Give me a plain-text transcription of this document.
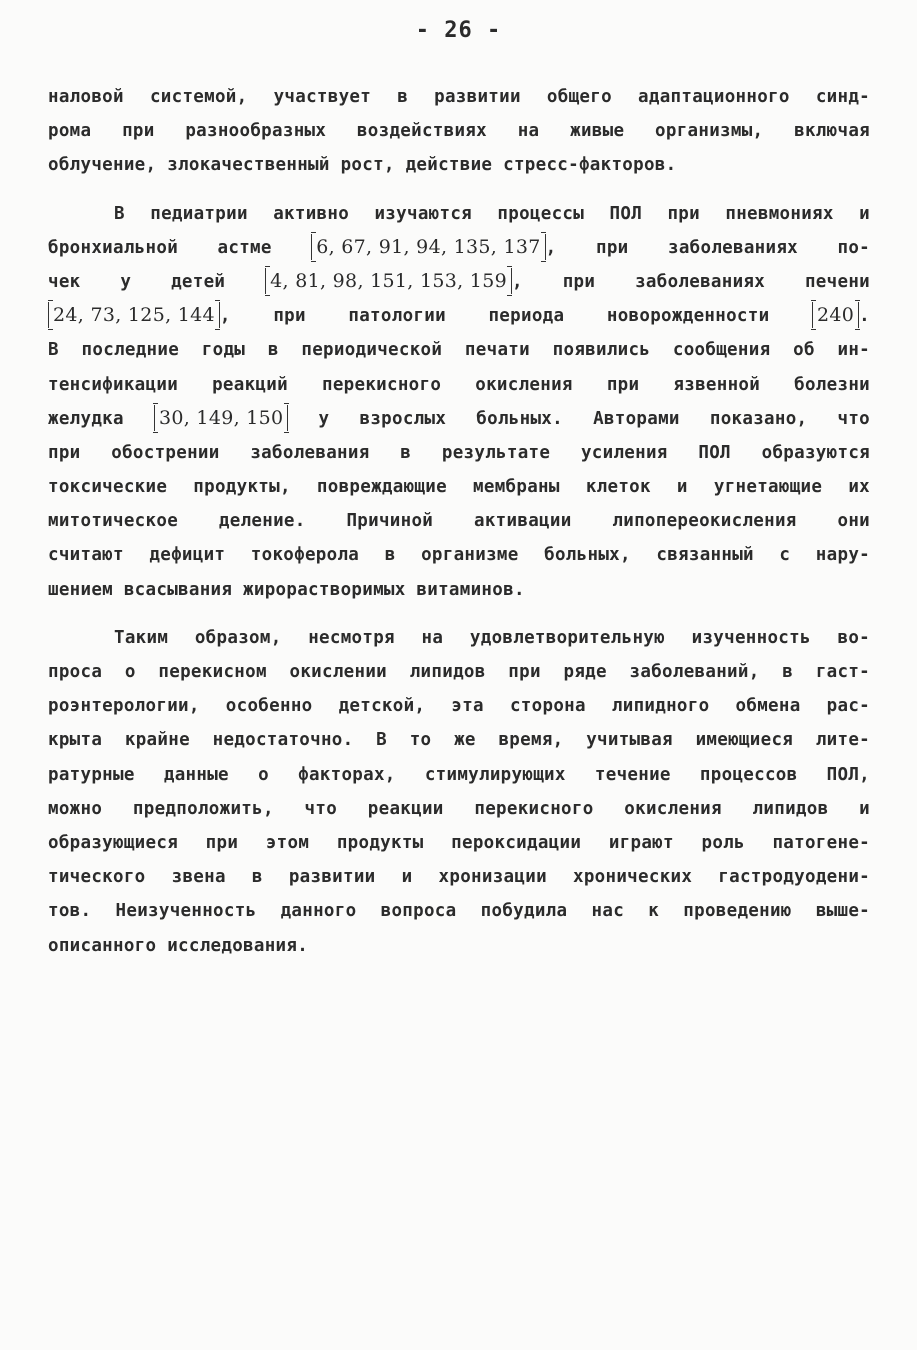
- 26 -
наловой системой, участвует в развитии общего адаптационного синд-
рома при разнообразных воздействиях на живые организмы, включая
облучение, злокачественный рост, действие стресс-факторов.
В педиатрии активно изучаются процессы ПОЛ при пневмониях и
бронхиальной астме 6, 67, 91, 94, 135, 137 , при заболеваниях по-
чек у детей 4, 81, 98, 151, 153, 159 , при заболеваниях печени
24, 73, 125, 144 , при патологии периода новорожденности 240 .
В последние годы в периодической печати появились сообщения об ин-
тенсификации реакций перекисного окисления при язвенной болезни
желудка 30, 149, 150 у взрослых больных. Авторами показано, что
при обострении заболевания в результате усиления ПОЛ образуются
токсические продукты, повреждающие мембраны клеток и угнетающие их
митотическое деление. Причиной активации липопереокисления они
считают дефицит токоферола в организме больных, связанный с нару-
шением всасывания жирорастворимых витаминов.
Таким образом, несмотря на удовлетворительную изученность во-
проса о перекисном окислении липидов при ряде заболеваний, в гаст-
роэнтерологии, особенно детской, эта сторона липидного обмена рас-
крыта крайне недостаточно. В то же время, учитывая имеющиеся лите-
ратурные данные о факторах, стимулирующих течение процессов ПОЛ,
можно предположить, что реакции перекисного окисления липидов и
образующиеся при этом продукты пероксидации играют роль патогене-
тического звена в развитии и хронизации хронических гастродуодени-
тов. Неизученность данного вопроса побудила нас к проведению выше-
описанного исследования.
